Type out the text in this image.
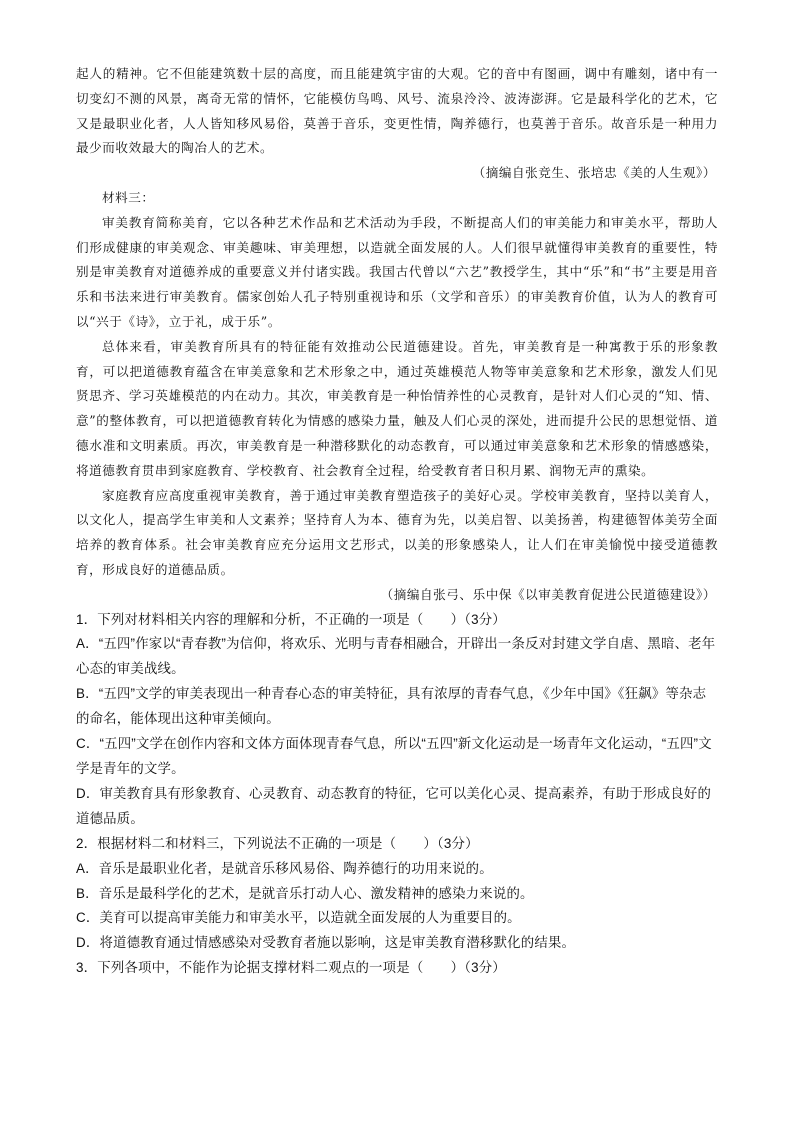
起人的精神。它不但能建筑数十层的高度，而且能建筑宇宙的大观。它的音中有图画，调中有雕刻，诸中有一切变幻不测的风景，离奇无常的情怀，它能模仿鸟鸣、风号、流泉泠泠、波涛澎湃。它是最科学化的艺术，它又是最职业化者，人人皆知移风易俗，莫善于音乐，变更性情，陶养德行，也莫善于音乐。故音乐是一种用力最少而收效最大的陶冶人的艺术。

（摘编自张竞生、张培忠《美的人生观》）

材料三：

审美教育简称美育，它以各种艺术作品和艺术活动为手段，不断提高人们的审美能力和审美水平，帮助人们形成健康的审美观念、审美趣味、审美理想，以造就全面发展的人。人们很早就懂得审美教育的重要性，特别是审美教育对道德养成的重要意义并付诸实践。我国古代曾以“六艺”教授学生，其中“乐”和“书”主要是用音乐和书法来进行审美教育。儒家创始人孔子特别重视诗和乐（文学和音乐）的审美教育价值，认为人的教育可以“兴于《诗》，立于礼，成于乐”。

总体来看，审美教育所具有的特征能有效推动公民道德建设。首先，审美教育是一种寓教于乐的形象教育，可以把道德教育蕴含在审美意象和艺术形象之中，通过英雄模范人物等审美意象和艺术形象，激发人们见贤思齐、学习英雄模范的内在动力。其次，审美教育是一种怡情养性的心灵教育，是针对人们心灵的“知、情、意”的整体教育，可以把道德教育转化为情感的感染力量，触及人们心灵的深处，进而提升公民的思想觉悟、道德水准和文明素质。再次，审美教育是一种潜移默化的动态教育，可以通过审美意象和艺术形象的情感感染，将道德教育贯串到家庭教育、学校教育、社会教育全过程，给受教育者日积月累、润物无声的熏染。

家庭教育应高度重视审美教育，善于通过审美教育塑造孩子的美好心灵。学校审美教育，坚持以美育人，以文化人，提高学生审美和人文素养；坚持育人为本、德育为先，以美启智、以美扬善，构建德智体美劳全面培养的教育体系。社会审美教育应充分运用文艺形式，以美的形象感染人，让人们在审美愉悦中接受道德教育，形成良好的道德品质。

（摘编自张弓、乐中保《以审美教育促进公民道德建设》）

1．下列对材料相关内容的理解和分析，不正确的一项是（　　）（3分）

A．“五四”作家以“青春教”为信仰，将欢乐、光明与青春相融合，开辟出一条反对封建文学自虐、黑暗、老年心态的审美战线。

B．“五四”文学的审美表现出一种青春心态的审美特征，具有浓厚的青春气息，《少年中国》《狂飙》等杂志的命名，能体现出这种审美倾向。

C．“五四”文学在创作内容和文体方面体现青春气息，所以“五四”新文化运动是一场青年文化运动，“五四”文学是青年的文学。

D．审美教育具有形象教育、心灵教育、动态教育的特征，它可以美化心灵、提高素养，有助于形成良好的道德品质。

2．根据材料二和材料三，下列说法不正确的一项是（　　）（3分）

A．音乐是最职业化者，是就音乐移风易俗、陶养德行的功用来说的。

B．音乐是最科学化的艺术，是就音乐打动人心、激发精神的感染力来说的。

C．美育可以提高审美能力和审美水平，以造就全面发展的人为重要目的。

D．将道德教育通过情感感染对受教育者施以影响，这是审美教育潜移默化的结果。

3．下列各项中，不能作为论据支撑材料二观点的一项是（　　）（3分）
